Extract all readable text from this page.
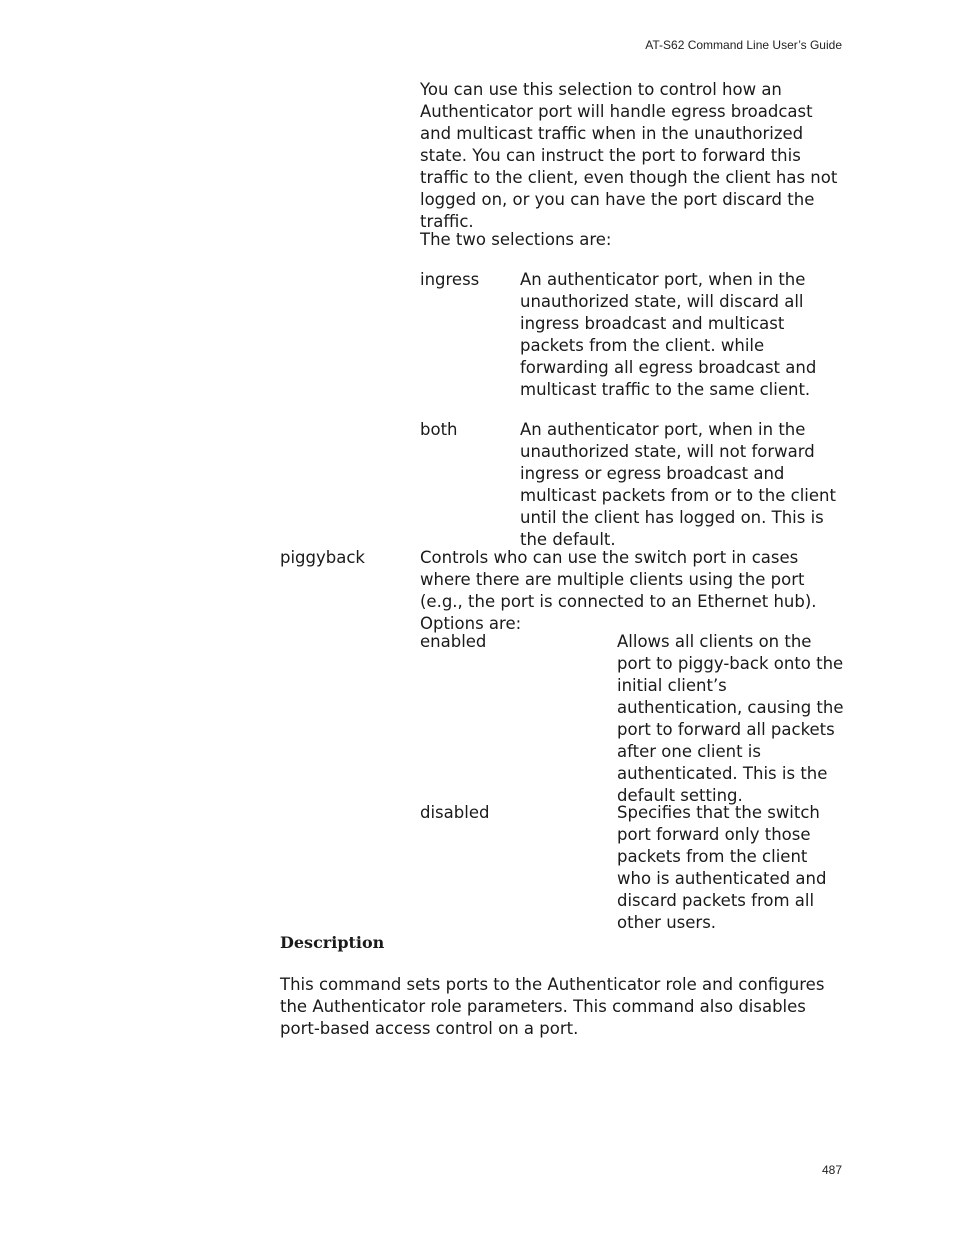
AT-S62 Command Line User’s Guide

You can use this selection to control how an Authenticator port will handle egress broadcast and multicast traffic when in the unauthorized state. You can instruct the port to forward this traffic to the client, even though the client has not logged on, or you can have the port discard the traffic.

The two selections are:

ingress An authenticator port, when in the unauthorized state, will discard all ingress broadcast and multicast packets from the client. while forwarding all egress broadcast and multicast traffic to the same client.

both	An authenticator port, when in the unauthorized state, will not forward ingress or egress broadcast and multicast packets from or to the client until the client has logged on. This is the default.

piggyback	Controls who can use the switch port in cases where there are multiple clients using the port (e.g., the port is connected to an Ethernet hub). Options are:

enabled	Allows all clients on the port to piggy-back onto the initial client’s authentication, causing the port to forward all packets after one client is authenticated. This is the default setting.

disabled	Specifies that the switch port forward only those packets from the client who is authenticated and discard packets from all other users.

Description

This command sets ports to the Authenticator role and configures the Authenticator role parameters. This command also disables port-based access control on a port.

487
